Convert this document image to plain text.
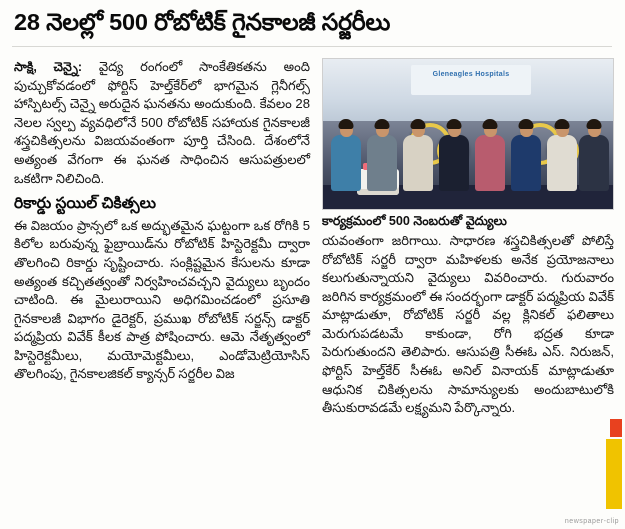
28 నెలల్లో 500 రోబోటిక్ గైనకాలజీ సర్జరీలు

సాక్షి, చెన్నై: వైద్య రంగంలో సాంకేతికతను అంది పుచ్చుకోవడంలో ఫోర్టిస్ హెల్త్‌కేర్‌లో భాగమైన గ్లెనీగల్స్ హాస్పిటల్స్ చెన్నై అరుదైన ఘనతను అందుకుంది. కేవలం 28 నెలల స్వల్ప వ్యవధిలోనే 500 రోబోటిక్ సహాయక గైనకాలజీ శస్త్రచికిత్సలను విజయవంతంగా పూర్తి చేసింది. దేశంలోనే అత్యంత వేగంగా ఈ ఘనత సాధించిన ఆసుపత్రులలో ఒకటిగా నిలిచింది.

రికార్డు స్టయిల్ చికిత్సలు

ఈ విజయం ప్రాన్సలో ఒక అద్భుతమైన ఘట్టంగా ఒక రోగికి 5 కిలోల బరువున్న ఫైబ్రాయిడ్‌ను రోబోటిక్ హిస్టెరెక్టమీ ద్వారా తొలగించి రికార్డు సృష్టించారు. సంక్లిష్టమైన కేసులను కూడా అత్యంత కచ్చితత్వంతో నిర్వహించవచ్చని వైద్యులు బృందం చాటింది. ఈ మైలురాయిని అధిగమించడంలో ప్రసూతి గైనకాలజీ విభాగం డైరెక్టర్, ప్రముఖ రోబోటిక్ సర్జన్స్ డాక్టర్ పద్మప్రియ వివేక్ కీలక పాత్ర పోషించారు. ఆమె నేతృత్వంలో హిస్టెరెక్టమీలు, మయోమెక్టమీలు, ఎండోమెట్రియోసిస్ తొలగింపు, గైనకాలజికల్ క్యాన్సర్ సర్జరీల విజ

Gleneagles Hospitals
కార్యక్రమంలో 500 నెంబరుతో వైద్యులు

యవంతంగా జరిగాయి. సాధారణ శస్త్రచికిత్సలతో పోలిస్తే రోబోటిక్ సర్జరీ ద్వారా మహిళలకు అనేక ప్రయోజనాలు కలుగుతున్నాయని వైద్యులు వివరించారు. గురువారం జరిగిన కార్యక్రమంలో ఈ సందర్భంగా డాక్టర్ పద్మప్రియ వివేక్ మాట్లాడుతూ, రోబోటిక్ సర్జరీ వల్ల క్లినికల్ ఫలితాలు మెరుగుపడటమే కాకుండా, రోగి భద్రత కూడా పెరుగుతుందని తెలిపారు. ఆసుపత్రి సీఈఓ ఎస్. నిరుజన్, ఫోర్టిస్ హెల్త్‌కేర్ సీఈఓ అనిల్ వినాయక్ మాట్లాడుతూ ఆధునిక చికిత్సలను సామాన్యులకు అందుబాటులోకి తీసుకురావడమే లక్ష్యమని పేర్కొన్నారు.

newspaper-clip
